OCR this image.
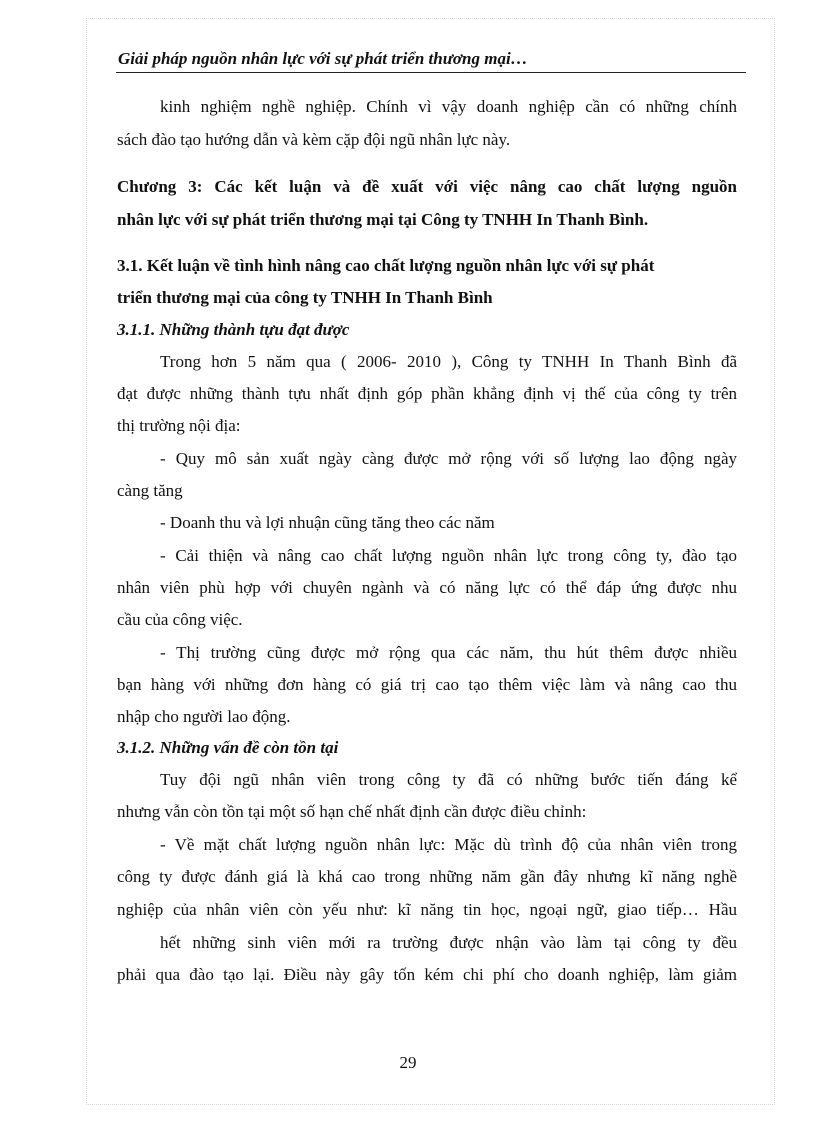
Giải pháp nguồn nhân lực với sự phát triển thương mại…
kinh nghiệm nghề nghiệp. Chính vì vậy doanh nghiệp cần có những chính
sách đào tạo hướng dẫn và kèm cặp đội ngũ nhân lực này.
Chương 3: Các kết luận và đề xuất với việc nâng cao chất lượng nguồn
nhân lực với sự phát triển thương mại tại Công ty TNHH In Thanh Bình.
3.1. Kết luận về tình hình nâng cao chất lượng nguồn nhân lực với sự phát
triển thương mại của công ty TNHH In Thanh Bình
3.1.1. Những thành tựu đạt được
Trong hơn 5 năm qua ( 2006- 2010 ), Công ty TNHH In Thanh Bình đã
đạt được những thành tựu nhất định góp phần khẳng định vị thế của công ty trên
thị trường nội địa:
- Quy mô sản xuất ngày càng được mở rộng với số lượng lao động ngày
càng tăng
- Doanh thu và lợi nhuận cũng tăng theo các năm
- Cải thiện và nâng cao chất lượng nguồn nhân lực trong công ty, đào tạo
nhân viên phù hợp với chuyên ngành và có năng lực có thể đáp ứng được nhu
cầu của công việc.
- Thị trường cũng được mở rộng qua các năm, thu hút thêm được nhiều
bạn hàng với những đơn hàng có giá trị cao tạo thêm việc làm và nâng cao thu
nhập cho người lao động.
3.1.2. Những vấn đề còn tồn tại
Tuy đội ngũ nhân viên trong công ty đã có những bước tiến đáng kể
nhưng vẫn còn tồn tại một số hạn chế nhất định cần được điều chỉnh:
- Về mặt chất lượng nguồn nhân lực: Mặc dù trình độ của nhân viên trong
công ty được đánh giá là khá cao trong những năm gần đây nhưng kĩ năng nghề
nghiệp của nhân viên còn yếu như: kĩ năng tin học, ngoại ngữ, giao tiếp… Hầu
hết những sinh viên mới ra trường được nhận vào làm tại công ty đều
phải qua đào tạo lại. Điều này gây tốn kém chi phí cho doanh nghiệp, làm giảm
29
